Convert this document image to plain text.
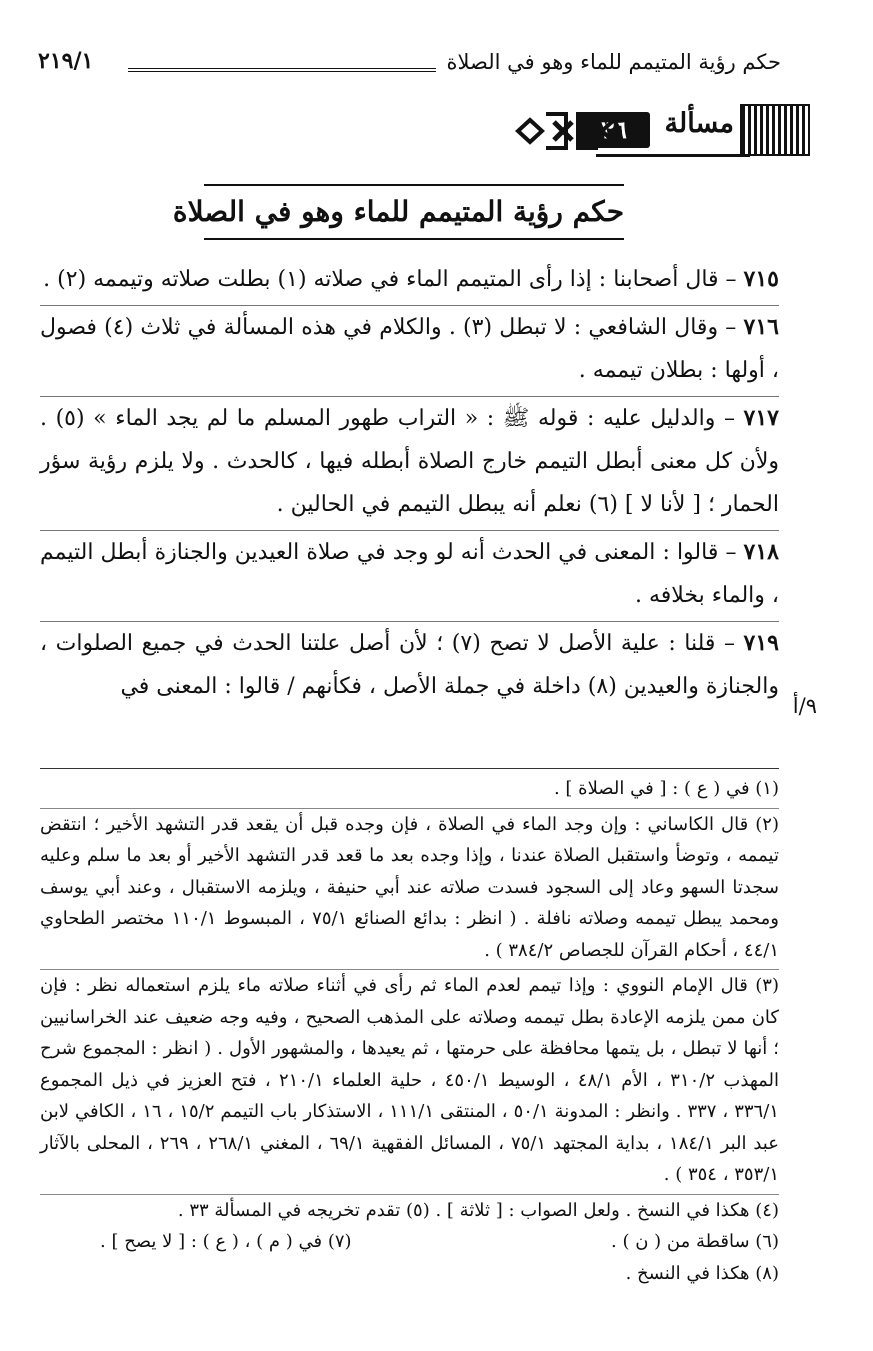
حكم رؤية المتيمم للماء وهو في الصلاة
٢١٩/١
مسألة
٣٦
حكم رؤية المتيمم للماء وهو في الصلاة

٧١٥ – قال أصحابنا : إذا رأى المتيمم الماء في صلاته (١) بطلت صلاته وتيممه (٢) .

٧١٦ – وقال الشافعي : لا تبطل (٣) . والكلام في هذه المسألة في ثلاث (٤) فصول ، أولها : بطلان تيممه .

٧١٧ – والدليل عليه : قوله ﷺ : « التراب طهور المسلم ما لم يجد الماء » (٥) . ولأن كل معنى أبطل التيمم خارج الصلاة أبطله فيها ، كالحدث . ولا يلزم رؤية سؤر الحمار ؛ [ لأنا لا ] (٦) نعلم أنه يبطل التيمم في الحالين .

٧١٨ – قالوا : المعنى في الحدث أنه لو وجد في صلاة العيدين والجنازة أبطل التيمم ، والماء بخلافه .

٧١٩ – قلنا : علية الأصل لا تصح (٧) ؛ لأن أصل علتنا الحدث في جميع الصلوات ، والجنازة والعيدين (٨) داخلة في جملة الأصل ، فكأنهم / قالوا : المعنى في

٩/أ

(١) في ( ع ) : [ في الصلاة ] .

(٢) قال الكاساني : وإن وجد الماء في الصلاة ، فإن وجده قبل أن يقعد قدر التشهد الأخير ؛ انتقض تيممه ، وتوضأ واستقبل الصلاة عندنا ، وإذا وجده بعد ما قعد قدر التشهد الأخير أو بعد ما سلم وعليه سجدتا السهو وعاد إلى السجود فسدت صلاته عند أبي حنيفة ، ويلزمه الاستقبال ، وعند أبي يوسف ومحمد يبطل تيممه وصلاته نافلة . ( انظر : بدائع الصنائع ٧٥/١ ، المبسوط ١١٠/١ مختصر الطحاوي ٤٤/١ ، أحكام القرآن للجصاص ٣٨٤/٢ ) .

(٣) قال الإمام النووي : وإذا تيمم لعدم الماء ثم رأى في أثناء صلاته ماء يلزم استعماله نظر : فإن كان ممن يلزمه الإعادة بطل تيممه وصلاته على المذهب الصحيح ، وفيه وجه ضعيف عند الخراسانيين ؛ أنها لا تبطل ، بل يتمها محافظة على حرمتها ، ثم يعيدها ، والمشهور الأول . ( انظر : المجموع شرح المهذب ٣١٠/٢ ، الأم ٤٨/١ ، الوسيط ٤٥٠/١ ، حلية العلماء ٢١٠/١ ، فتح العزيز في ذيل المجموع ٣٣٦/١ ، ٣٣٧ . وانظر : المدونة ٥٠/١ ، المنتقى ١١١/١ ، الاستذكار باب التيمم ١٥/٢ ، ١٦ ، الكافي لابن عبد البر ١٨٤/١ ، بداية المجتهد ٧٥/١ ، المسائل الفقهية ٦٩/١ ، المغني ٢٦٨/١ ، ٢٦٩ ، المحلى بالآثار ٣٥٣/١ ، ٣٥٤ ) .

(٤) هكذا في النسخ . ولعل الصواب : [ ثلاثة ] . (٥) تقدم تخريجه في المسألة ٣٣ .

(٦) ساقطة من ( ن ) .
(٧) في ( م ) ، ( ع ) : [ لا يصح ] .

(٨) هكذا في النسخ .
